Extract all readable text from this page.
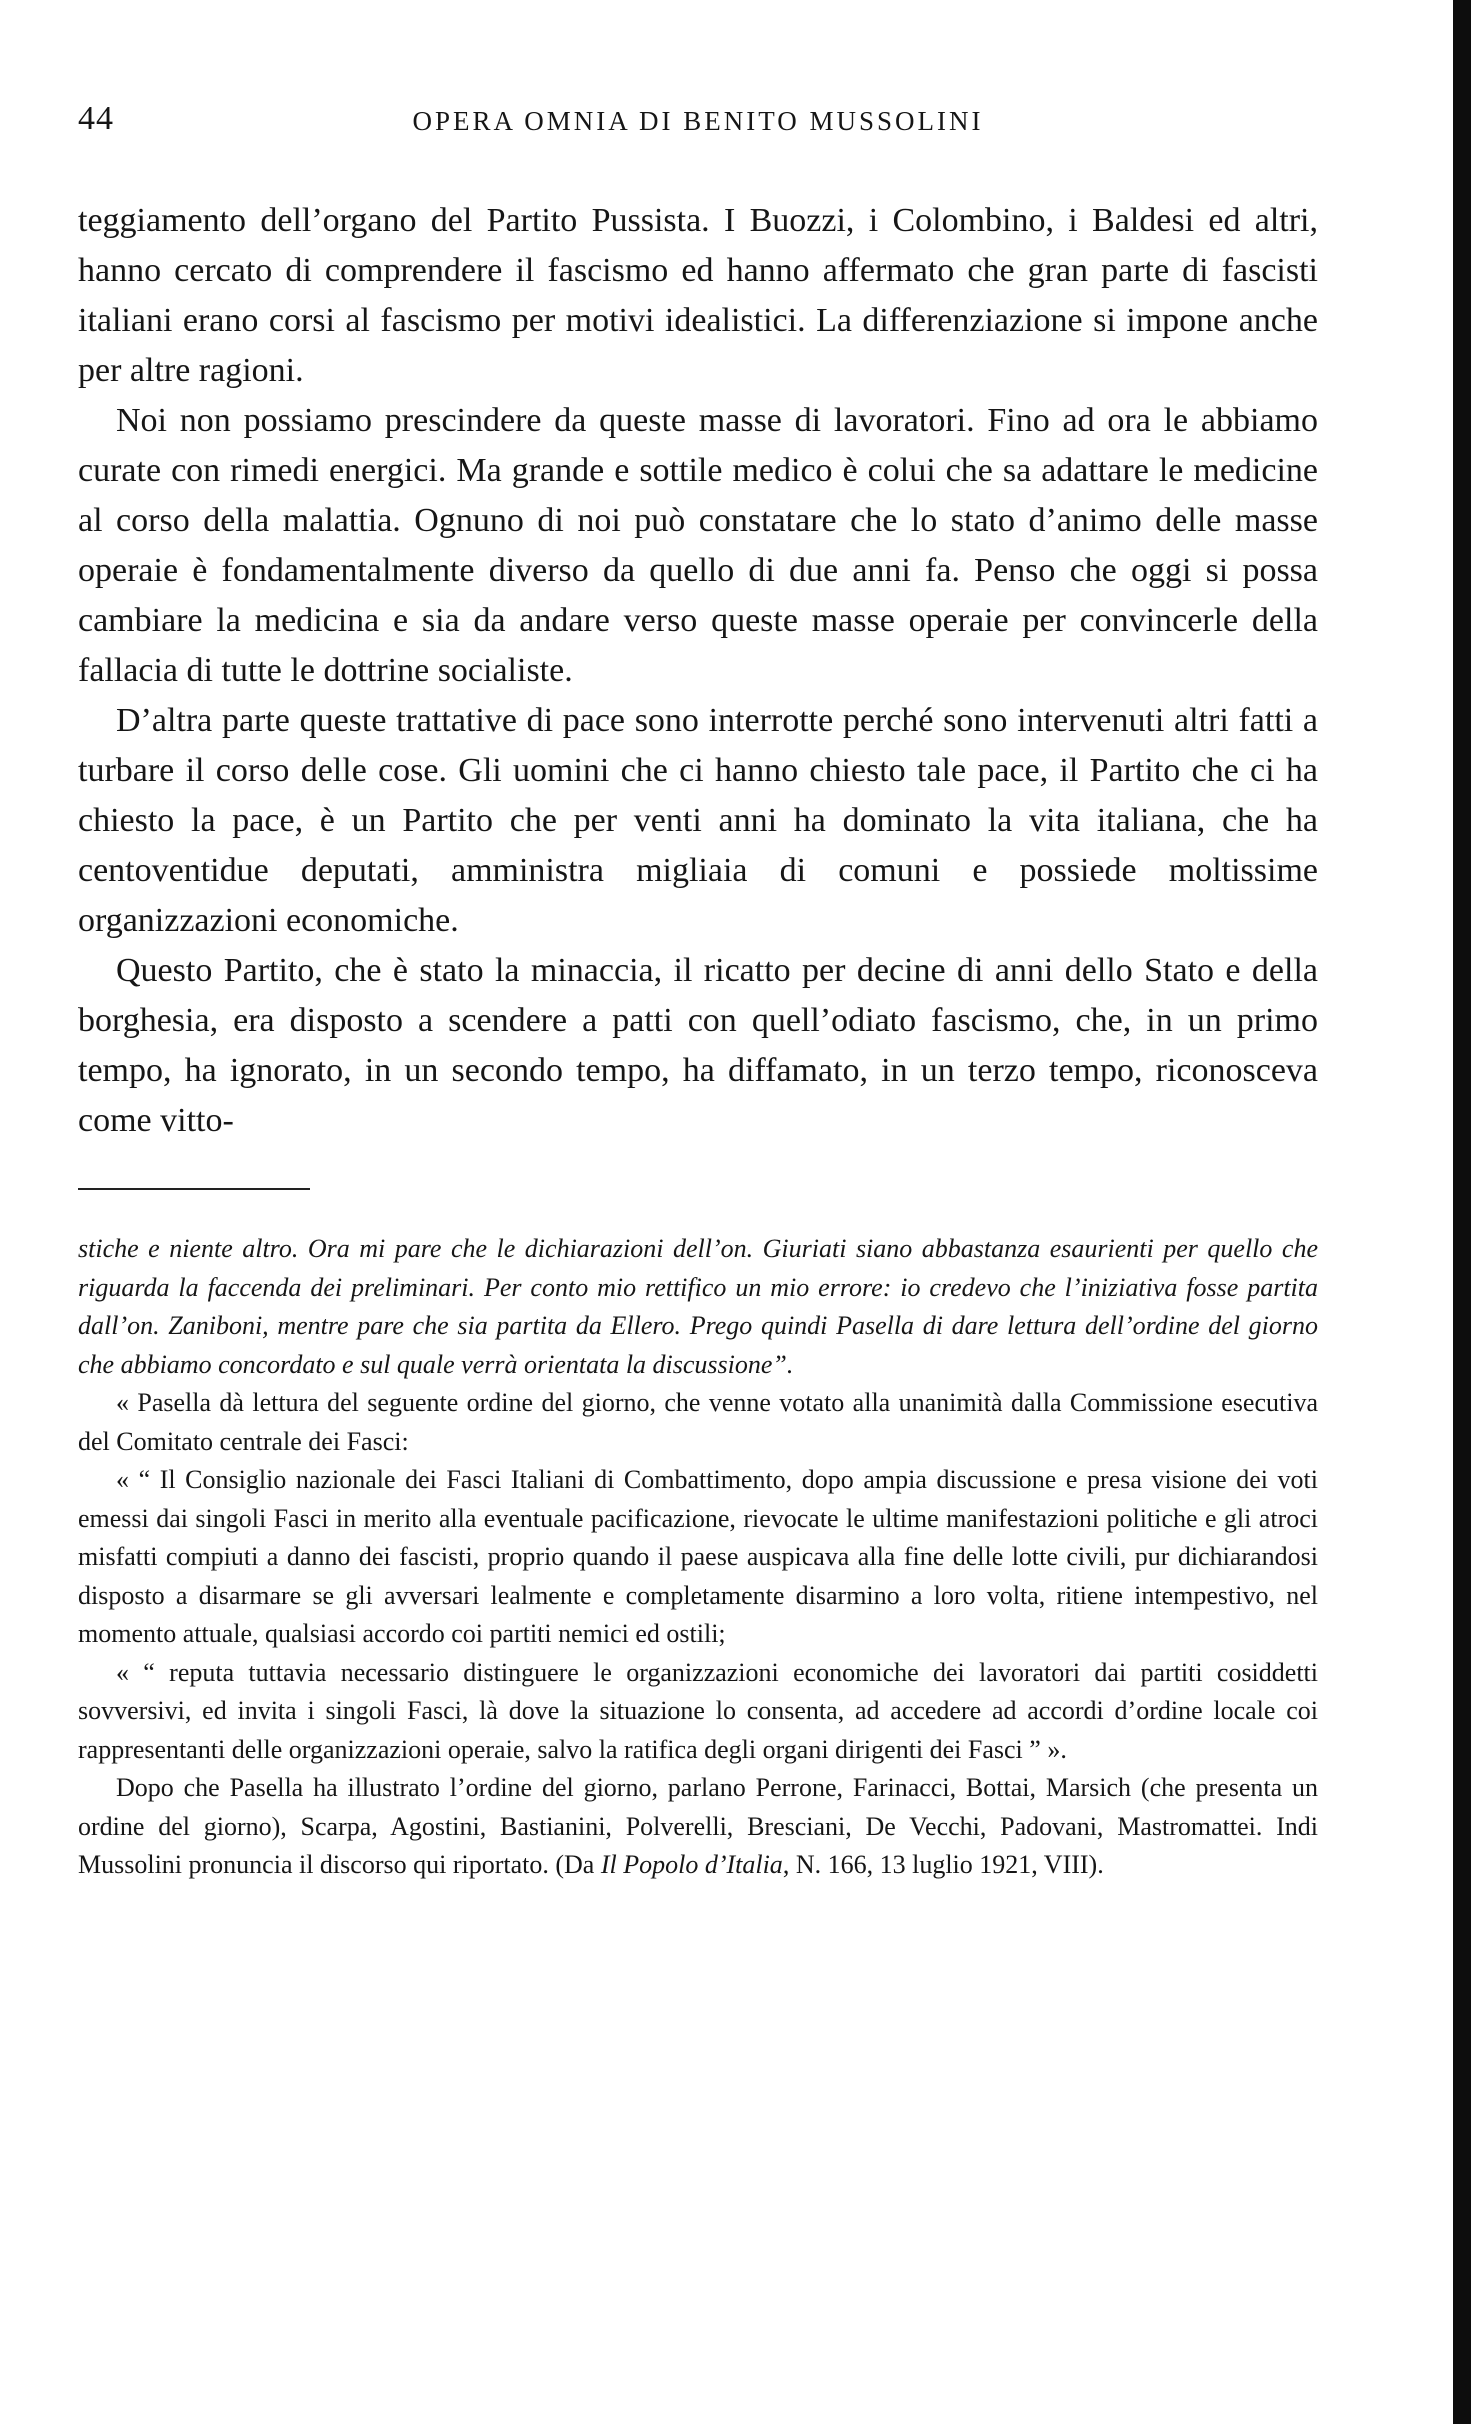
44	OPERA OMNIA DI BENITO MUSSOLINI

teggiamento dell’organo del Partito Pussista. I Buozzi, i Colombino, i Baldesi ed altri, hanno cercato di comprendere il fascismo ed hanno affermato che gran parte di fascisti italiani erano corsi al fascismo per motivi idealistici. La differenziazione si impone anche per altre ragioni.

Noi non possiamo prescindere da queste masse di lavoratori. Fino ad ora le abbiamo curate con rimedi energici. Ma grande e sottile medico è colui che sa adattare le medicine al corso della malattia. Ognuno di noi può constatare che lo stato d’animo delle masse operaie è fondamentalmente diverso da quello di due anni fa. Penso che oggi si possa cambiare la medicina e sia da andare verso queste masse operaie per convincerle della fallacia di tutte le dottrine socialiste.

D’altra parte queste trattative di pace sono interrotte perché sono intervenuti altri fatti a turbare il corso delle cose. Gli uomini che ci hanno chiesto tale pace, il Partito che ci ha chiesto la pace, è un Partito che per venti anni ha dominato la vita italiana, che ha centoventidue deputati, amministra migliaia di comuni e possiede moltissime organizzazioni economiche.

Questo Partito, che è stato la minaccia, il ricatto per decine di anni dello Stato e della borghesia, era disposto a scendere a patti con quell’odiato fascismo, che, in un primo tempo, ha ignorato, in un secondo tempo, ha diffamato, in un terzo tempo, riconosceva come vitto-

stiche e niente altro. Ora mi pare che le dichiarazioni dell’on. Giuriati siano abbastanza esaurienti per quello che riguarda la faccenda dei preliminari. Per conto mio rettifico un mio errore: io credevo che l’iniziativa fosse partita dall’on. Zaniboni, mentre pare che sia partita da Ellero. Prego quindi Pasella di dare lettura dell’ordine del giorno che abbiamo concordato e sul quale verrà orientata la discussione”.

« Pasella dà lettura del seguente ordine del giorno, che venne votato alla unanimità dalla Commissione esecutiva del Comitato centrale dei Fasci:

« “ Il Consiglio nazionale dei Fasci Italiani di Combattimento, dopo ampia discussione e presa visione dei voti emessi dai singoli Fasci in merito alla eventuale pacificazione, rievocate le ultime manifestazioni politiche e gli atroci misfatti compiuti a danno dei fascisti, proprio quando il paese auspicava alla fine delle lotte civili, pur dichiarandosi disposto a disarmare se gli avversari lealmente e completamente disarmino a loro volta, ritiene intempestivo, nel momento attuale, qualsiasi accordo coi partiti nemici ed ostili;

« “ reputa tuttavia necessario distinguere le organizzazioni economiche dei lavoratori dai partiti cosiddetti sovversivi, ed invita i singoli Fasci, là dove la situazione lo consenta, ad accedere ad accordi d’ordine locale coi rappresentanti delle organizzazioni operaie, salvo la ratifica degli organi dirigenti dei Fasci ” ».

Dopo che Pasella ha illustrato l’ordine del giorno, parlano Perrone, Farinacci, Bottai, Marsich (che presenta un ordine del giorno), Scarpa, Agostini, Bastianini, Polverelli, Bresciani, De Vecchi, Padovani, Mastromattei. Indi Mussolini pronuncia il discorso qui riportato. (Da Il Popolo d’Italia, N. 166, 13 luglio 1921, VIII).
